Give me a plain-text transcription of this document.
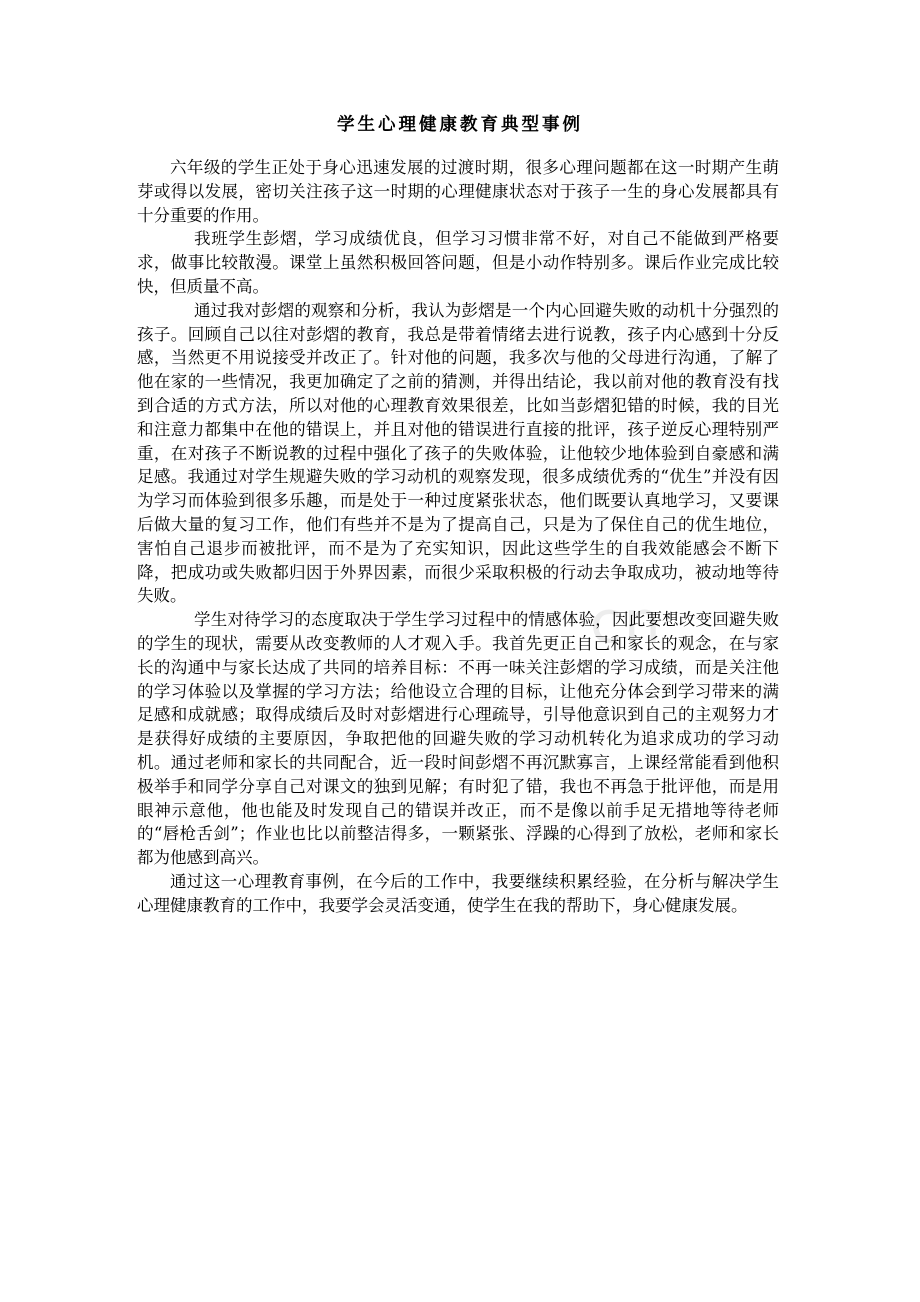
cn
学生心理健康教育典型事例

六年级的学生正处于身心迅速发展的过渡时期，很多心理问题都在这一时期产生萌芽或得以发展，密切关注孩子这一时期的心理健康状态对于孩子一生的身心发展都具有十分重要的作用。

我班学生彭熠，学习成绩优良，但学习习惯非常不好，对自己不能做到严格要求，做事比较散漫。课堂上虽然积极回答问题，但是小动作特别多。课后作业完成比较快，但质量不高。

通过我对彭熠的观察和分析，我认为彭熠是一个内心回避失败的动机十分强烈的孩子。回顾自己以往对彭熠的教育，我总是带着情绪去进行说教，孩子内心感到十分反感，当然更不用说接受并改正了。针对他的问题，我多次与他的父母进行沟通，了解了他在家的一些情况，我更加确定了之前的猜测，并得出结论，我以前对他的教育没有找到合适的方式方法，所以对他的心理教育效果很差，比如当彭熠犯错的时候，我的目光和注意力都集中在他的错误上，并且对他的错误进行直接的批评，孩子逆反心理特别严重，在对孩子不断说教的过程中强化了孩子的失败体验，让他较少地体验到自豪感和满足感。我通过对学生规避失败的学习动机的观察发现，很多成绩优秀的“优生”并没有因为学习而体验到很多乐趣，而是处于一种过度紧张状态，他们既要认真地学习，又要课后做大量的复习工作，他们有些并不是为了提高自己，只是为了保住自己的优生地位，害怕自己退步而被批评，而不是为了充实知识，因此这些学生的自我效能感会不断下降，把成功或失败都归因于外界因素，而很少采取积极的行动去争取成功，被动地等待失败。

学生对待学习的态度取决于学生学习过程中的情感体验，因此要想改变回避失败的学生的现状，需要从改变教师的人才观入手。我首先更正自己和家长的观念，在与家长的沟通中与家长达成了共同的培养目标：不再一味关注彭熠的学习成绩，而是关注他的学习体验以及掌握的学习方法；给他设立合理的目标，让他充分体会到学习带来的满足感和成就感；取得成绩后及时对彭熠进行心理疏导，引导他意识到自己的主观努力才是获得好成绩的主要原因，争取把他的回避失败的学习动机转化为追求成功的学习动机。通过老师和家长的共同配合，近一段时间彭熠不再沉默寡言，上课经常能看到他积极举手和同学分享自己对课文的独到见解；有时犯了错，我也不再急于批评他，而是用眼神示意他，他也能及时发现自己的错误并改正，而不是像以前手足无措地等待老师的“唇枪舌剑”；作业也比以前整洁得多，一颗紧张、浮躁的心得到了放松，老师和家长都为他感到高兴。

通过这一心理教育事例，在今后的工作中，我要继续积累经验，在分析与解决学生心理健康教育的工作中，我要学会灵活变通，使学生在我的帮助下，身心健康发展。
